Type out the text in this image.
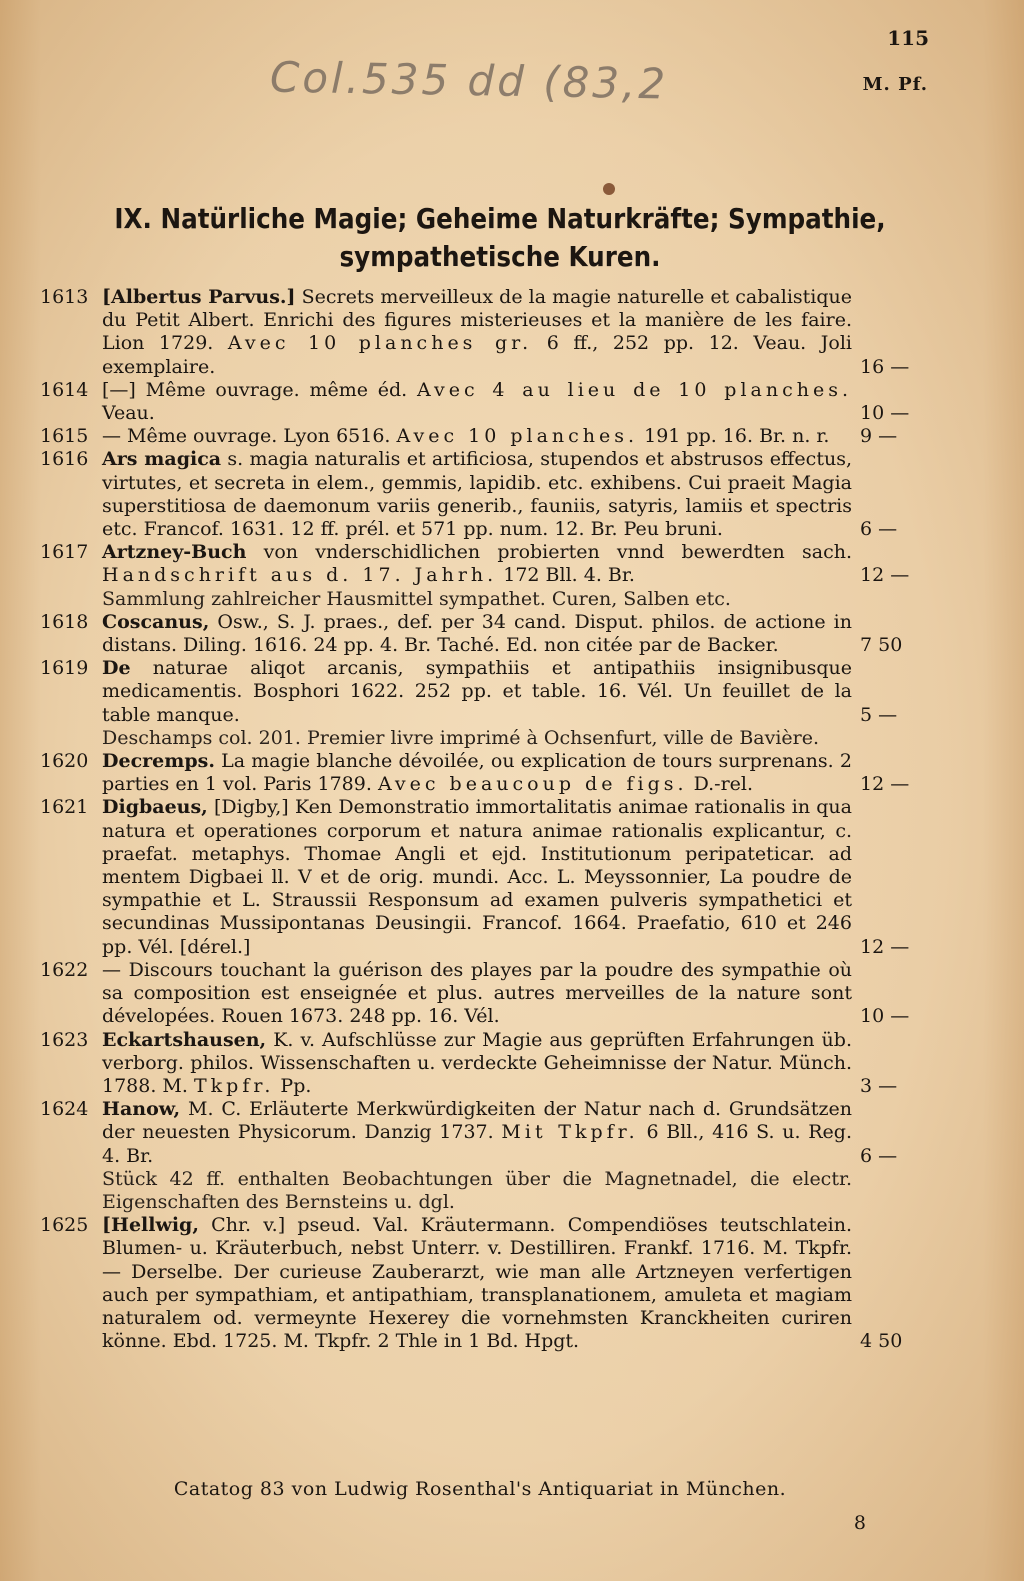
115
M. Pf.
Col.535 dd (83,2
IX. Natürliche Magie; Geheime Naturkräfte; Sympathie,
sympathetische Kuren.
1613 [Albertus Parvus.] Secrets merveilleux de la magie naturelle et cabalistique du Petit Albert. Enrichi des figures misterieuses et la manière de les faire. Lion 1729. Avec 10 planches gr. 6 ff., 252 pp. 12. Veau. Joli exemplaire.	16 —
1614 [—] Même ouvrage. même éd. Avec 4 au lieu de 10 planches. Veau.	10 —
1615 — Même ouvrage. Lyon 6516. Avec 10 planches. 191 pp. 16. Br. n. r. 9 —
1616 Ars magica s. magia naturalis et artificiosa, stupendos et abstrusos effectus, virtutes, et secreta in elem., gemmis, lapidib. etc. exhibens. Cui praeit Magia superstitiosa de daemonum variis generib., fauniis, satyris, lamiis et spectris etc. Francof. 1631. 12 ff. prél. et 571 pp. num. 12. Br. Peu bruni.	6 —
1617 Artzney-Buch von vnderschidlichen probierten vnnd bewerdten sach. Handschrift aus d. 17. Jahrh. 172 Bll. 4. Br.	12 —
Sammlung zahlreicher Hausmittel sympathet. Curen, Salben etc.
1618 Coscanus, Osw., S. J. praes., def. per 34 cand. Disput. philos. de actione in distans. Diling. 1616. 24 pp. 4. Br. Taché. Ed. non citée par de Backer.	7 50
1619 De naturae aliqot arcanis, sympathiis et antipathiis insignibusque medicamentis. Bosphori 1622. 252 pp. et table. 16. Vél. Un feuillet de la table manque.	5 —
Deschamps col. 201. Premier livre imprimé à Ochsenfurt, ville de Bavière.
1620 Decremps. La magie blanche dévoilée, ou explication de tours surprenans. 2 parties en 1 vol. Paris 1789. Avec beaucoup de figs. D.-rel.	12 —
1621 Digbaeus, [Digby,] Ken Demonstratio immortalitatis animae rationalis in qua natura et operationes corporum et natura animae rationalis explicantur, c. praefat. metaphys. Thomae Angli et ejd. Institutionum peripateticar. ad mentem Digbaei ll. V et de orig. mundi. Acc. L. Meyssonnier, La poudre de sympathie et L. Straussii Responsum ad examen pulveris sympathetici et secundinas Mussipontanas Deusingii. Francof. 1664. Praefatio, 610 et 246 pp. Vél. [dérel.]	12 —
1622 — Discours touchant la guérison des playes par la poudre des sympathie où sa composition est enseignée et plus. autres merveilles de la nature sont dévelopées. Rouen 1673. 248 pp. 16. Vél.	10 —
1623 Eckartshausen, K. v. Aufschlüsse zur Magie aus geprüften Erfahrungen üb. verborg. philos. Wissenschaften u. verdeckte Geheimnisse der Natur. Münch. 1788. M. Tkpfr. Pp.	3 —
1624 Hanow, M. C. Erläuterte Merkwürdigkeiten der Natur nach d. Grundsätzen der neuesten Physicorum. Danzig 1737. Mit Tkpfr. 6 Bll., 416 S. u. Reg. 4. Br.	6 —
Stück 42 ff. enthalten Beobachtungen über die Magnetnadel, die electr. Eigenschaften des Bernsteins u. dgl.
1625 [Hellwig, Chr. v.] pseud. Val. Kräutermann. Compendiöses teutschlatein. Blumen- u. Kräuterbuch, nebst Unterr. v. Destilliren. Frankf. 1716. M. Tkpfr. — Derselbe. Der curieuse Zauberarzt, wie man alle Artzneyen verfertigen auch per sympathiam, et antipathiam, transplanationem, amuleta et magiam naturalem od. vermeynte Hexerey die vornehmsten Kranckheiten curiren könne. Ebd. 1725. M. Tkpfr. 2 Thle in 1 Bd. Hpgt.	4 50
Catatog 83 von Ludwig Rosenthal's Antiquariat in München.
8
